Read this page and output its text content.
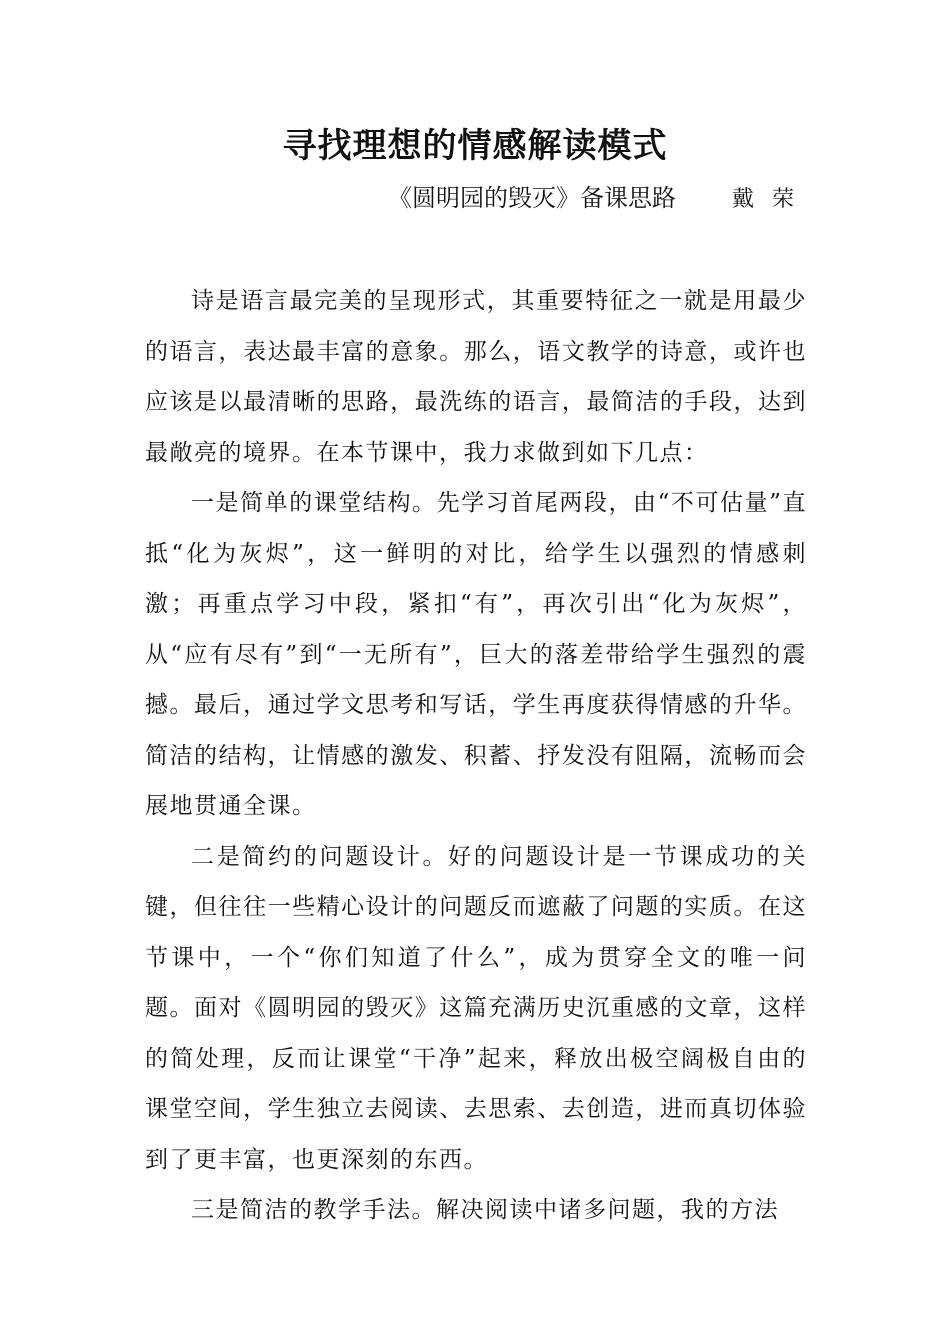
寻找理想的情感解读模式
《圆明园的毁灭》备课思路	戴荣

诗是语言最完美的呈现形式，其重要特征之一就是用最少的语言，表达最丰富的意象。那么，语文教学的诗意，或许也应该是以最清晰的思路，最洗练的语言，最简洁的手段，达到最敞亮的境界。在本节课中，我力求做到如下几点：

一是简单的课堂结构。先学习首尾两段，由“不可估量”直抵“化为灰烬”，这一鲜明的对比，给学生以强烈的情感刺激；再重点学习中段，紧扣“有”，再次引出“化为灰烬”，从“应有尽有”到“一无所有”，巨大的落差带给学生强烈的震撼。最后，通过学文思考和写话，学生再度获得情感的升华。简洁的结构，让情感的激发、积蓄、抒发没有阻隔，流畅而会展地贯通全课。

二是简约的问题设计。好的问题设计是一节课成功的关键，但往往一些精心设计的问题反而遮蔽了问题的实质。在这节课中，一个“你们知道了什么”，成为贯穿全文的唯一问题。面对《圆明园的毁灭》这篇充满历史沉重感的文章，这样的简处理，反而让课堂“干净”起来，释放出极空阔极自由的课堂空间，学生独立去阅读、去思索、去创造，进而真切体验到了更丰富，也更深刻的东西。

三是简洁的教学手法。解决阅读中诸多问题，我的方法
